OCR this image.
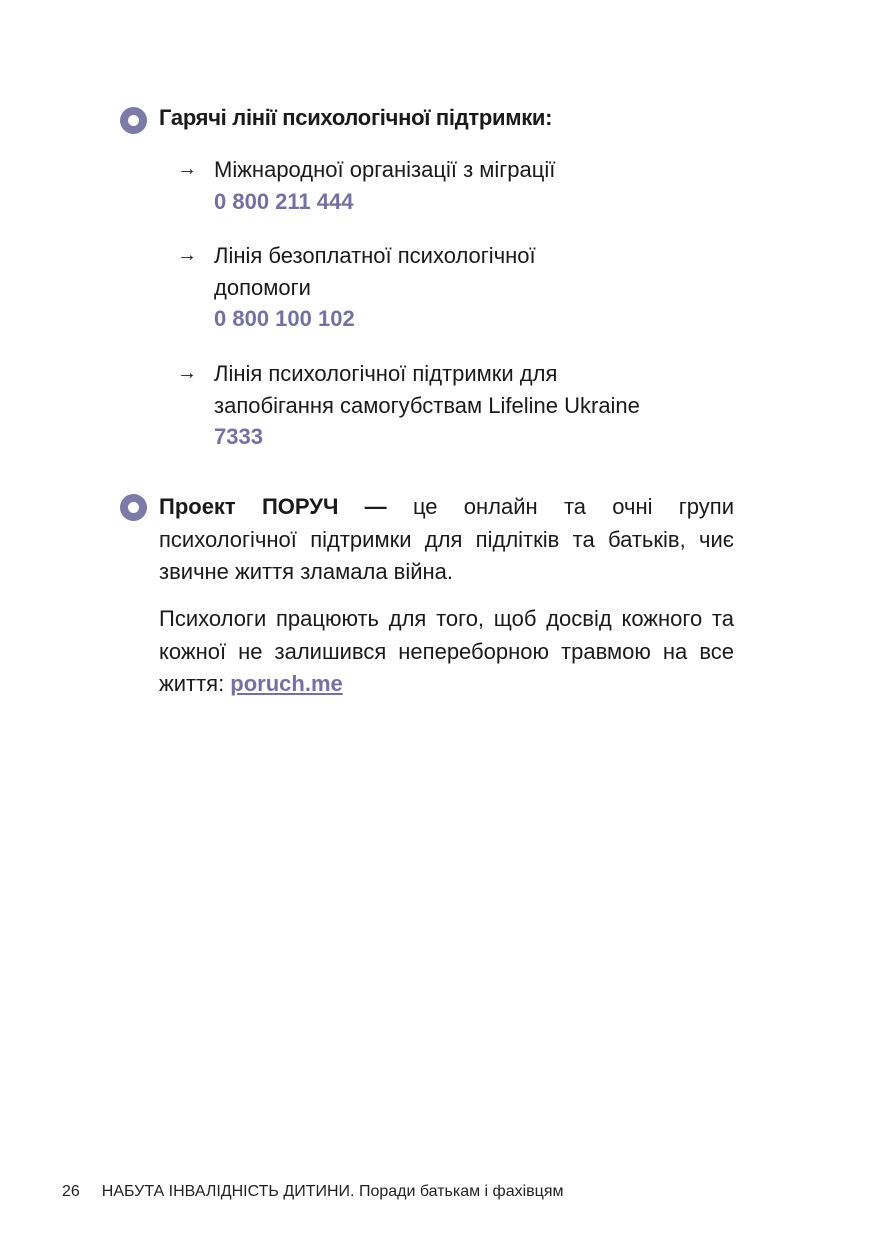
Гарячі лінії психологічної підтримки:
→ Міжнародної організації з міграції
0 800 211 444
→ Лінія безоплатної психологічної допомоги
0 800 100 102
→ Лінія психологічної підтримки для запобігання самогубствам Lifeline Ukraine
7333
Проект ПОРУЧ — це онлайн та очні групи психологічної підтримки для підлітків та батьків, чиє звичне життя зламала війна.
Психологи працюють для того, щоб досвід кожного та кожної не залишився непереборною травмою на все життя: poruch.me
26 НАБУТА ІНВАЛІДНІСТЬ ДИТИНИ. Поради батькам і фахівцям
